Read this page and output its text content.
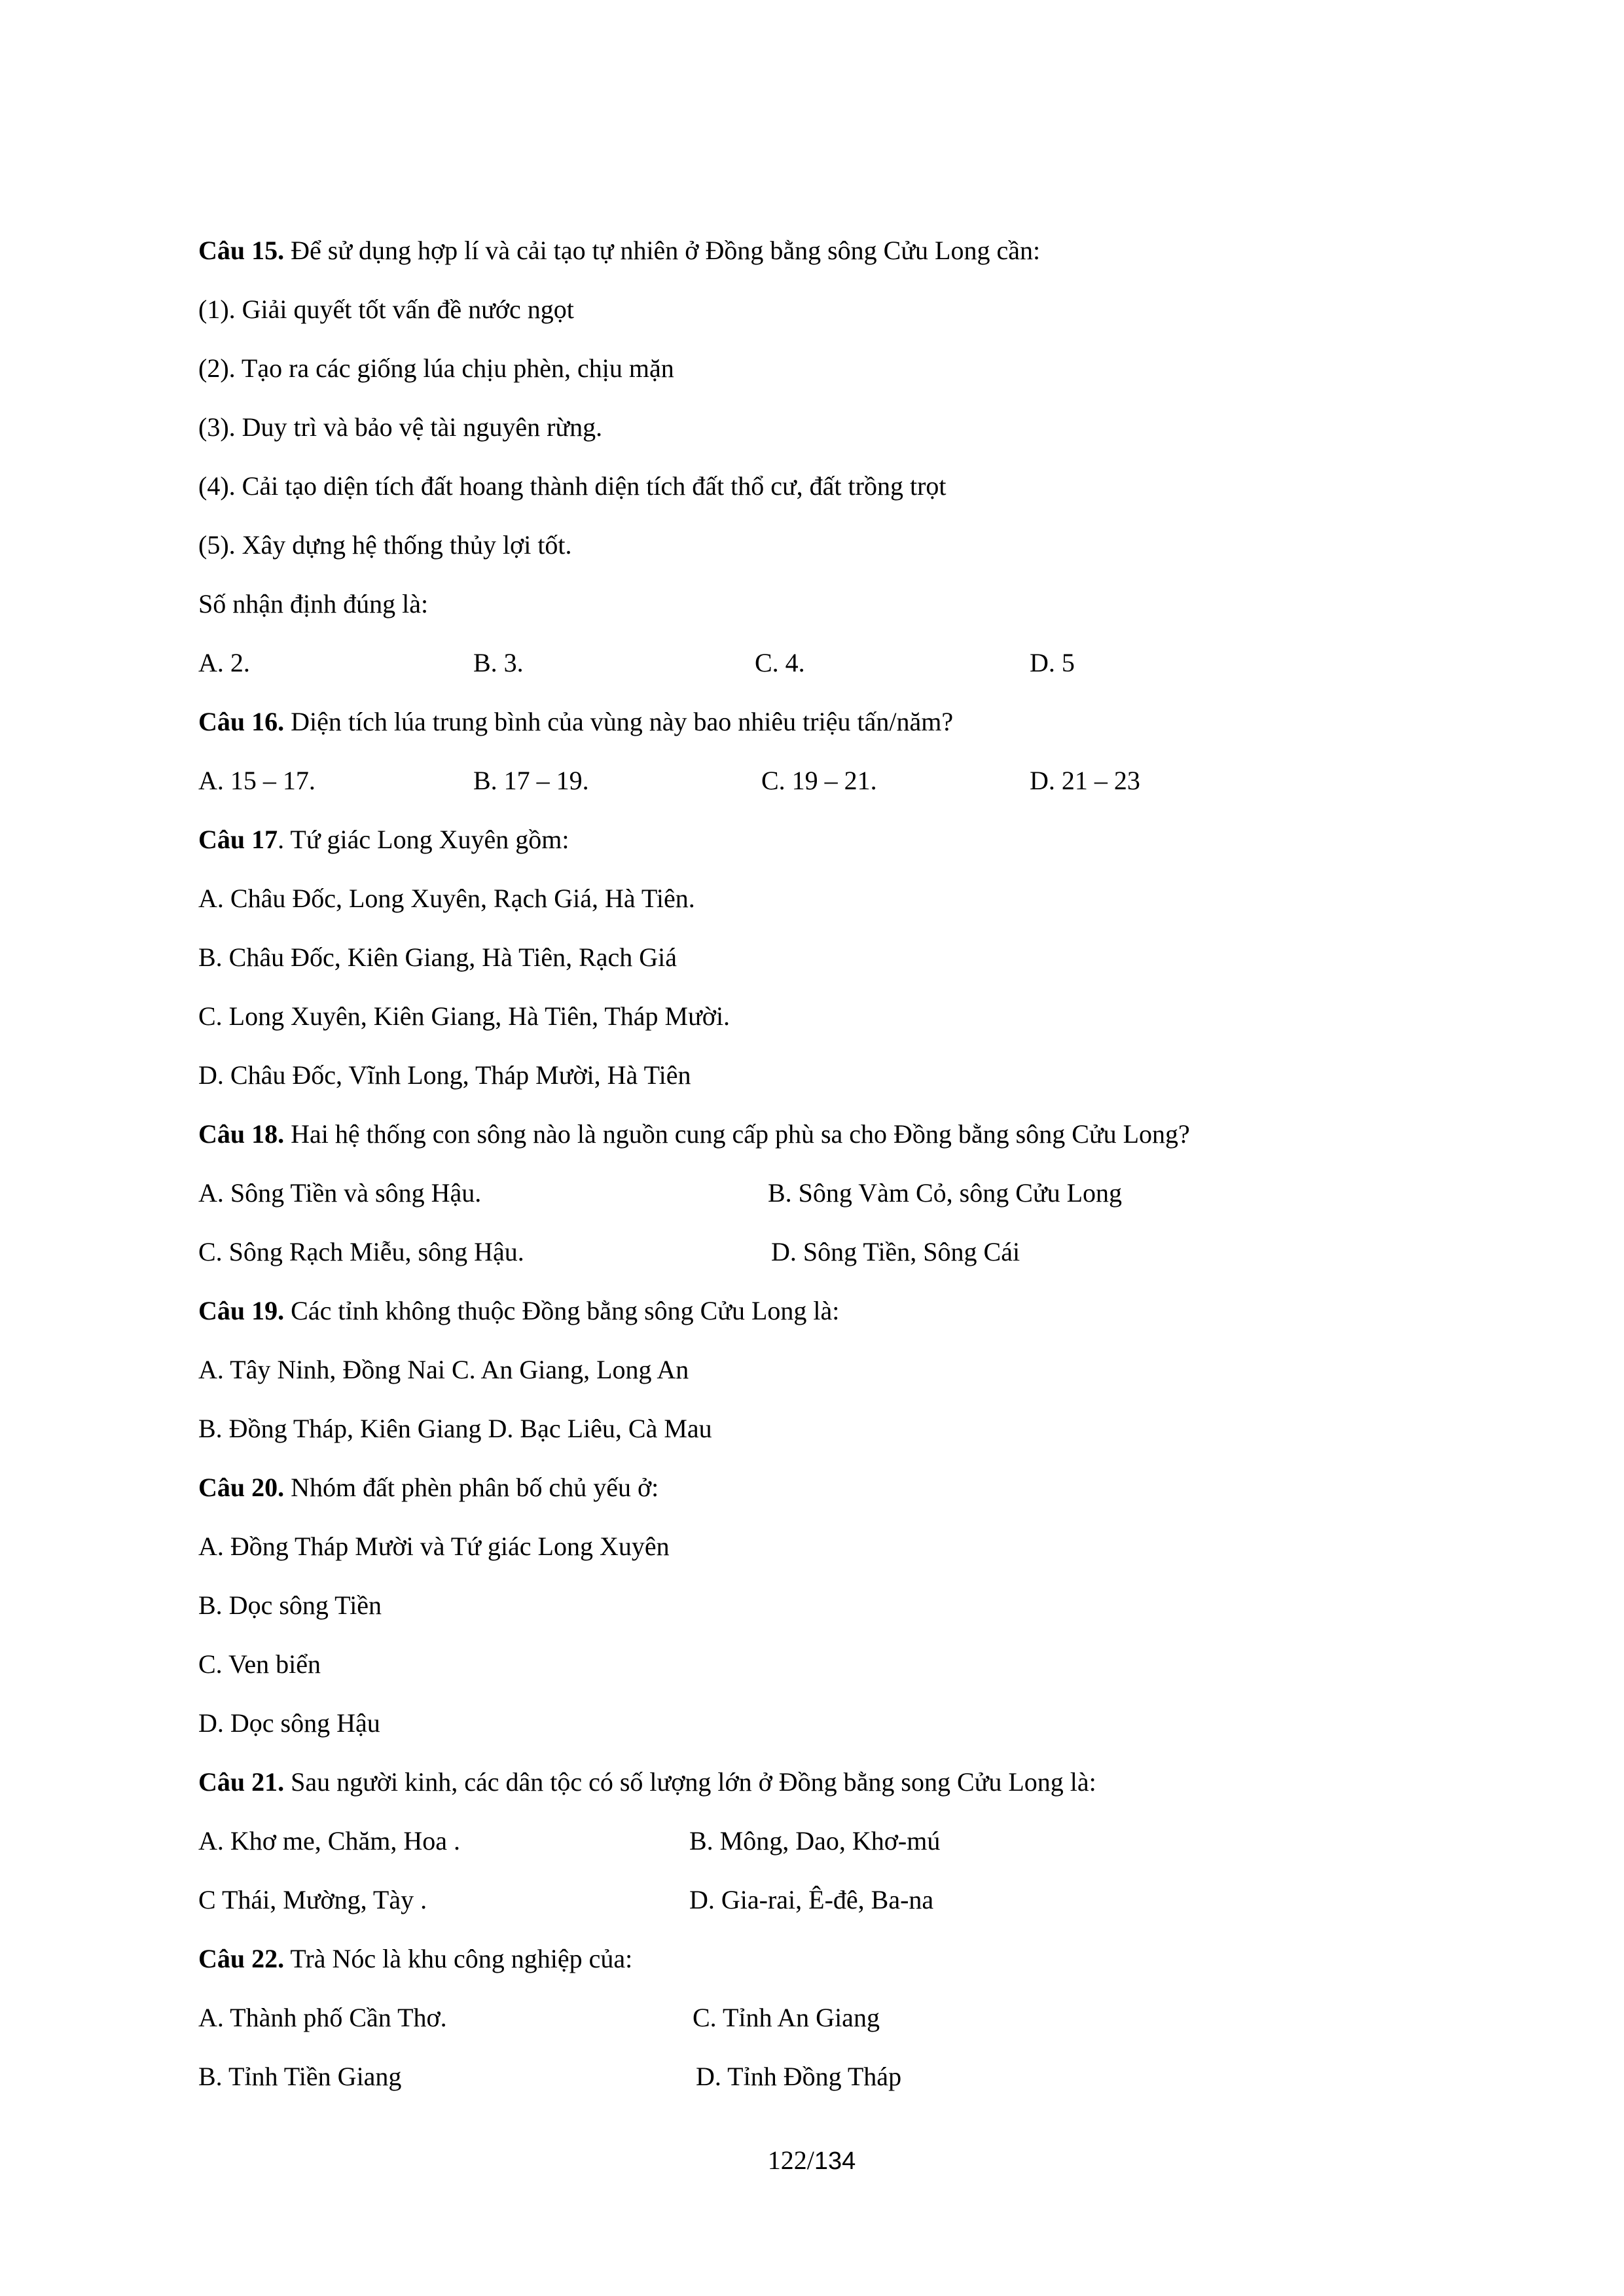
Câu 15. Để sử dụng hợp lí và cải tạo tự nhiên ở Đồng bằng sông Cửu Long cần:
(1). Giải quyết tốt vấn đề nước ngọt
(2). Tạo ra các giống lúa chịu phèn, chịu mặn
(3). Duy trì và bảo vệ tài nguyên rừng.
(4). Cải tạo diện tích đất hoang thành diện tích đất thổ cư, đất trồng trọt
(5). Xây dựng hệ thống thủy lợi tốt.
Số nhận định đúng là:
A. 2.	B. 3.	C. 4.	D. 5
Câu 16. Diện tích lúa trung bình của vùng này bao nhiêu triệu tấn/năm?
A. 15 – 17.	B. 17 – 19.	C. 19 – 21.	D. 21 – 23
Câu 17. Tứ giác Long Xuyên gồm:
A. Châu Đốc, Long Xuyên, Rạch Giá, Hà Tiên.
B. Châu Đốc, Kiên Giang, Hà Tiên, Rạch Giá
C. Long Xuyên, Kiên Giang, Hà Tiên, Tháp Mười.
D. Châu Đốc, Vĩnh Long, Tháp Mười, Hà Tiên
Câu 18. Hai hệ thống con sông nào là nguồn cung cấp phù sa cho Đồng bằng sông Cửu Long?
A. Sông Tiền và sông Hậu.	B. Sông Vàm Cỏ, sông Cửu Long
C. Sông Rạch Miễu, sông Hậu.	D. Sông Tiền, Sông Cái
Câu 19. Các tỉnh không thuộc Đồng bằng sông Cửu Long là:
A. Tây Ninh, Đồng Nai C. An Giang, Long An
B. Đồng Tháp, Kiên Giang D. Bạc Liêu, Cà Mau
Câu 20. Nhóm đất phèn phân bố chủ yếu ở:
A. Đồng Tháp Mười và Tứ giác Long Xuyên
B. Dọc sông Tiền
C. Ven biển
D. Dọc sông Hậu
Câu 21. Sau người kinh, các dân tộc có số lượng lớn ở Đồng bằng song Cửu Long là:
A. Khơ me, Chăm, Hoa .	B. Mông, Dao, Khơ-mú
C Thái, Mường, Tày .	D. Gia-rai, Ê-đê, Ba-na
Câu 22. Trà Nóc là khu công nghiệp của:
A. Thành phố Cần Thơ.	C. Tỉnh An Giang
B. Tỉnh Tiền Giang	D. Tỉnh Đồng Tháp
122/134
